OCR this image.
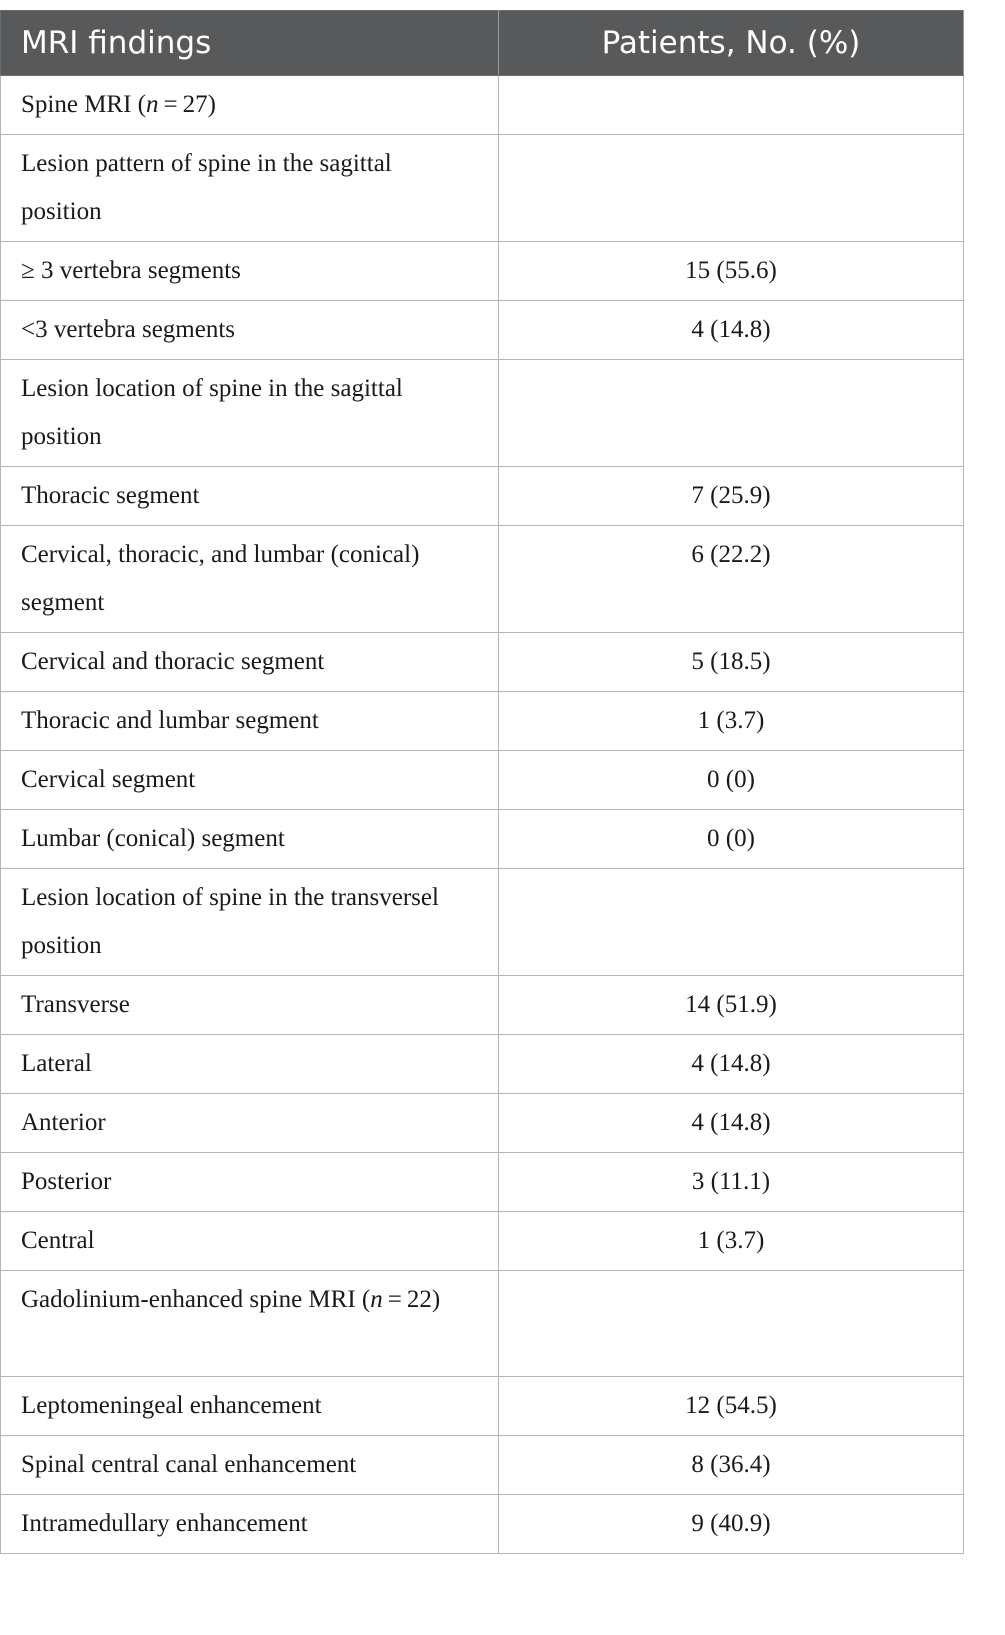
MRI findings	Patients, No. (%)
Spine MRI (n = 27)	
Lesion pattern of spine in the sagittal position	
≥ 3 vertebra segments	15 (55.6)
<3 vertebra segments	4 (14.8)
Lesion location of spine in the sagittal position	
Thoracic segment	7 (25.9)
Cervical, thoracic, and lumbar (conical) segment	6 (22.2)
Cervical and thoracic segment	5 (18.5)
Thoracic and lumbar segment	1 (3.7)
Cervical segment	0 (0)
Lumbar (conical) segment	0 (0)
Lesion location of spine in the transversel position	
Transverse	14 (51.9)
Lateral	4 (14.8)
Anterior	4 (14.8)
Posterior	3 (11.1)
Central	1 (3.7)
Gadolinium-enhanced spine MRI (n = 22)	
Leptomeningeal enhancement	12 (54.5)
Spinal central canal enhancement	8 (36.4)
Intramedullary enhancement	9 (40.9)
